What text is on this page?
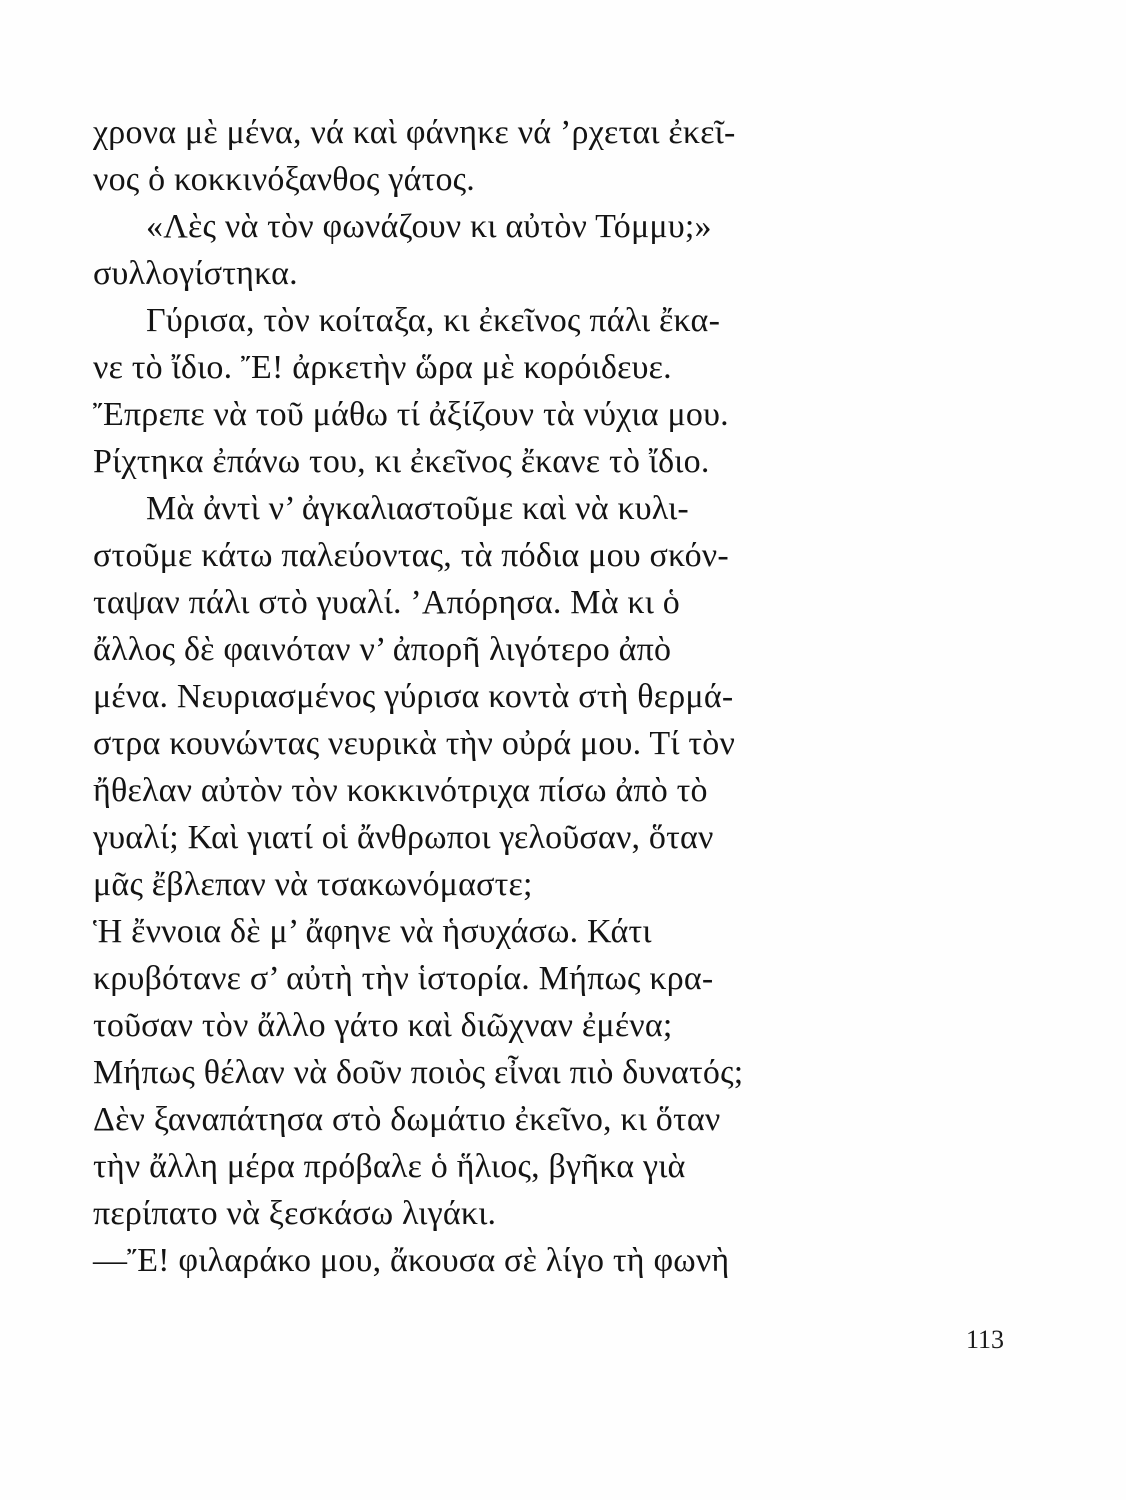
χρονα μὲ μένα, νά καὶ φάνηκε νά ’ρχεται ἐκεῖ-
νος ὁ κοκκινόξανθος γάτος.
«Λὲς νὰ τὸν φωνάζουν κι αὐτὸν Τόμμυ;»
συλλογίστηκα.
Γύρισα, τὸν κοίταξα, κι ἐκεῖνος πάλι ἔκα-
νε τὸ ἴδιο. Ἔ! ἀρκετὴν ὥρα μὲ κορόιδευε.
Ἔπρεπε νὰ τοῦ μάθω τί ἀξίζουν τὰ νύχια μου.
Ρίχτηκα ἐπάνω του, κι ἐκεῖνος ἔκανε τὸ ἴδιο.
Μὰ ἀντὶ ν’ ἀγκαλιαστοῦμε καὶ νὰ κυλι-
στοῦμε κάτω παλεύοντας, τὰ πόδια μου σκόν-
ταψαν πάλι στὸ γυαλί. ’Απόρησα. Μὰ κι ὁ
ἄλλος δὲ φαινόταν ν’ ἀπορῆ λιγότερο ἀπὸ
μένα. Νευριασμένος γύρισα κοντὰ στὴ θερμά-
στρα κουνώντας νευρικὰ τὴν οὐρά μου. Τί τὸν
ἤθελαν αὐτὸν τὸν κοκκινότριχα πίσω ἀπὸ τὸ
γυαλί; Καὶ γιατί οἱ ἄνθρωποι γελοῦσαν, ὅταν
μᾶς ἔβλεπαν νὰ τσακωνόμαστε;
Ἡ ἔννοια δὲ μ’ ἄφηνε νὰ ἡσυχάσω. Κάτι
κρυβότανε σ’ αὐτὴ τὴν ἱστορία. Μήπως κρα-
τοῦσαν τὸν ἄλλο γάτο καὶ διῶχναν ἐμένα;
Μήπως θέλαν νὰ δοῦν ποιὸς εἶναι πιὸ δυνατός;
Δὲν ξαναπάτησα στὸ δωμάτιο ἐκεῖνο, κι ὅταν
τὴν ἄλλη μέρα πρόβαλε ὁ ἥλιος, βγῆκα γιὰ
περίπατο νὰ ξεσκάσω λιγάκι.
—Ἔ! φιλαράκο μου, ἄκουσα σὲ λίγο τὴ φωνὴ
113
